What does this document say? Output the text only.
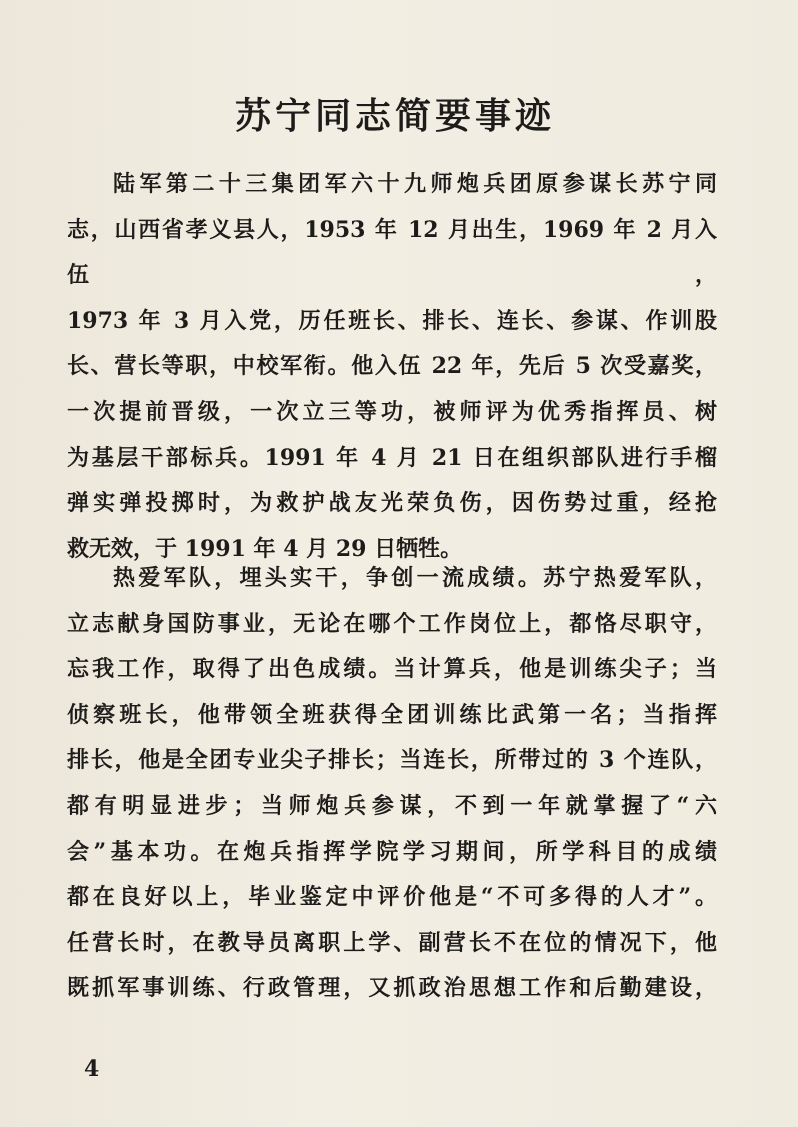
苏宁同志简要事迹
陆军第二十三集团军六十九师炮兵团原参谋长苏宁同
志，山西省孝义县人，1953 年 12 月出生，1969 年 2 月入伍，
1973 年 3 月入党，历任班长、排长、连长、参谋、作训股
长、营长等职，中校军衔。他入伍 22 年，先后 5 次受嘉奖，
一次提前晋级，一次立三等功，被师评为优秀指挥员、树
为基层干部标兵。1991 年 4 月 21 日在组织部队进行手榴
弹实弹投掷时，为救护战友光荣负伤，因伤势过重，经抢
救无效，于 1991 年 4 月 29 日牺牲。
热爱军队，埋头实干，争创一流成绩。苏宁热爱军队，
立志献身国防事业，无论在哪个工作岗位上，都恪尽职守，
忘我工作，取得了出色成绩。当计算兵，他是训练尖子；当
侦察班长，他带领全班获得全团训练比武第一名；当指挥
排长，他是全团专业尖子排长；当连长，所带过的 3 个连队，
都有明显进步；当师炮兵参谋，不到一年就掌握了“六
会”基本功。在炮兵指挥学院学习期间，所学科目的成绩
都在良好以上，毕业鉴定中评价他是“不可多得的人才”。
任营长时，在教导员离职上学、副营长不在位的情况下，他
既抓军事训练、行政管理，又抓政治思想工作和后勤建设，
4
